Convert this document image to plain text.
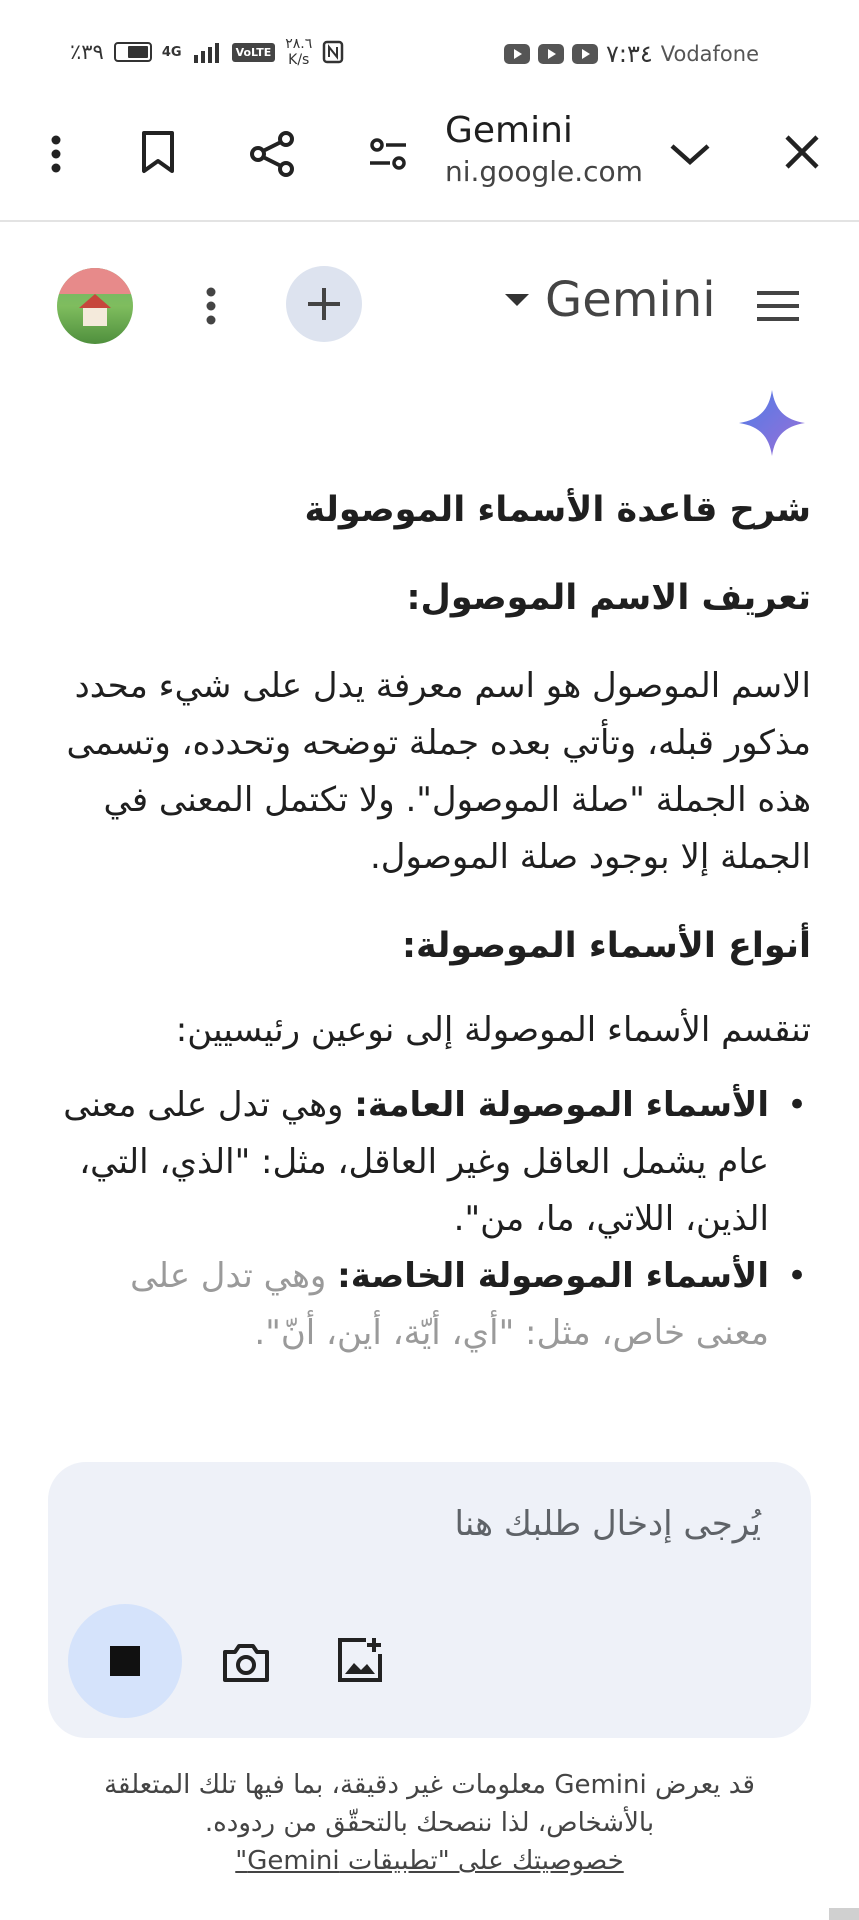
٪٣٩	4G	VoLTE ٢٨.٦
K/s	٧:٣٤ Vodafone
Gemini
ni.google.com
Gemini

شرح قاعدة الأسماء الموصولة

تعريف الاسم الموصول:

الاسم الموصول هو اسم معرفة يدل على شيء محدد مذكور قبله، وتأتي بعده جملة توضحه وتحدده، وتسمى هذه الجملة "صلة الموصول". ولا تكتمل المعنى في الجملة إلا بوجود صلة الموصول.

أنواع الأسماء الموصولة:

تنقسم الأسماء الموصولة إلى نوعين رئيسيين:

• الأسماء الموصولة العامة: وهي تدل على معنى عام يشمل العاقل وغير العاقل، مثل: "الذي، التي، الذين، اللاتي، ما، من".
• الأسماء الموصولة الخاصة: وهي تدل على معنى خاص، مثل: "أي، أيّة، أين، أنّ".
يُرجى إدخال طلبك هنا
قد يعرض Gemini معلومات غير دقيقة، بما فيها تلك المتعلقة بالأشخاص، لذا ننصحك بالتحقّق من ردوده.
خصوصيتك على "تطبيقات Gemini"
